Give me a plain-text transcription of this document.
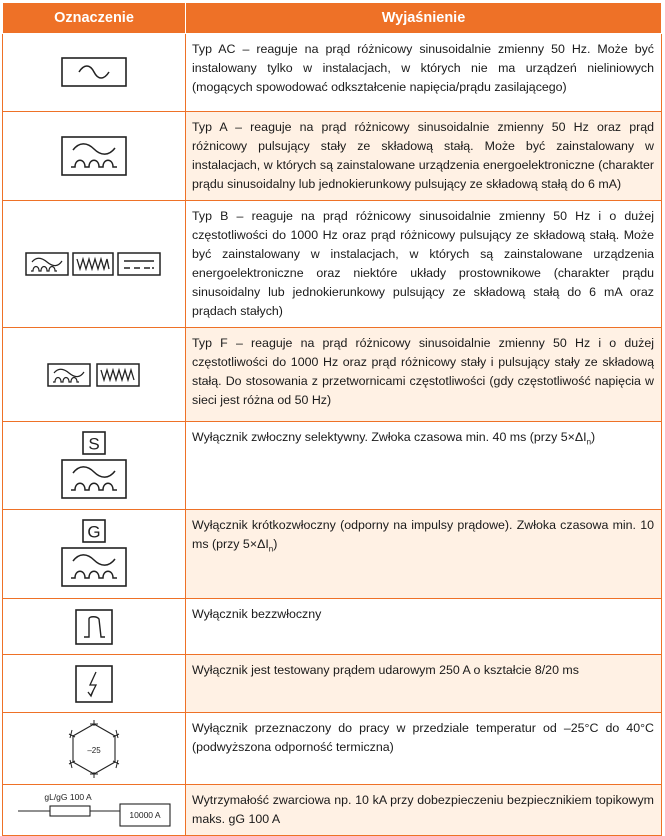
Oznaczenie	Wyjaśnienie

	Typ AC – reaguje na prąd różnicowy sinusoidalnie zmienny 50 Hz. Może być instalowany tylko w instalacjach, w których nie ma urządzeń nieliniowych (mogących spowodować odkształcenie napięcia/prądu zasilającego)

	Typ A – reaguje na prąd różnicowy sinusoidalnie zmienny 50 Hz oraz prąd różnicowy pulsujący stały ze składową stałą. Może być zainstalowany w instalacjach, w których są zainstalowane urządzenia energoelektroniczne (charakter prądu sinusoidalny lub jednokierunkowy pulsujący ze składową stałą do 6 mA)

	Typ B – reaguje na prąd różnicowy sinusoidalnie zmienny 50 Hz i o dużej częstotliwości do 1000 Hz oraz prąd różnicowy pulsujący ze składową stałą. Może być zainstalowany w instalacjach, w których są zainstalowane urządzenia energoelektroniczne oraz niektóre układy prostownikowe (charakter prądu sinusoidalny lub jednokierunkowy pulsujący ze składową stałą do 6 mA oraz prądach stałych)

	Typ F – reaguje na prąd różnicowy sinusoidalnie zmienny 50 Hz i o dużej częstotliwości do 1000 Hz oraz prąd różnicowy stały i pulsujący stały ze składową stałą. Do stosowania z przetwornicami częstotliwości (gdy częstotliwość napięcia w sieci jest różna od 50 Hz)

S	Wyłącznik zwłoczny selektywny. Zwłoka czasowa min. 40 ms (przy $5\times\Delta I_n$)

G	Wyłącznik krótkozwłoczny (odporny na impulsy prądowe). Zwłoka czasowa min. 10 ms (przy $5\times\Delta I_n$)

	Wyłącznik bezzwłoczny

	Wyłącznik jest testowany prądem udarowym 250 A o kształcie 8/20 ms

–25	Wyłącznik przeznaczony do pracy w przedziale temperatur od –25°C do 40°C (podwyższona odporność termiczna)

gL/gG 100 A
10000 A	Wytrzymałość zwarciowa np. 10 kA przy dobezpieczeniu bezpiecznikiem topikowym maks. gG 100 A
